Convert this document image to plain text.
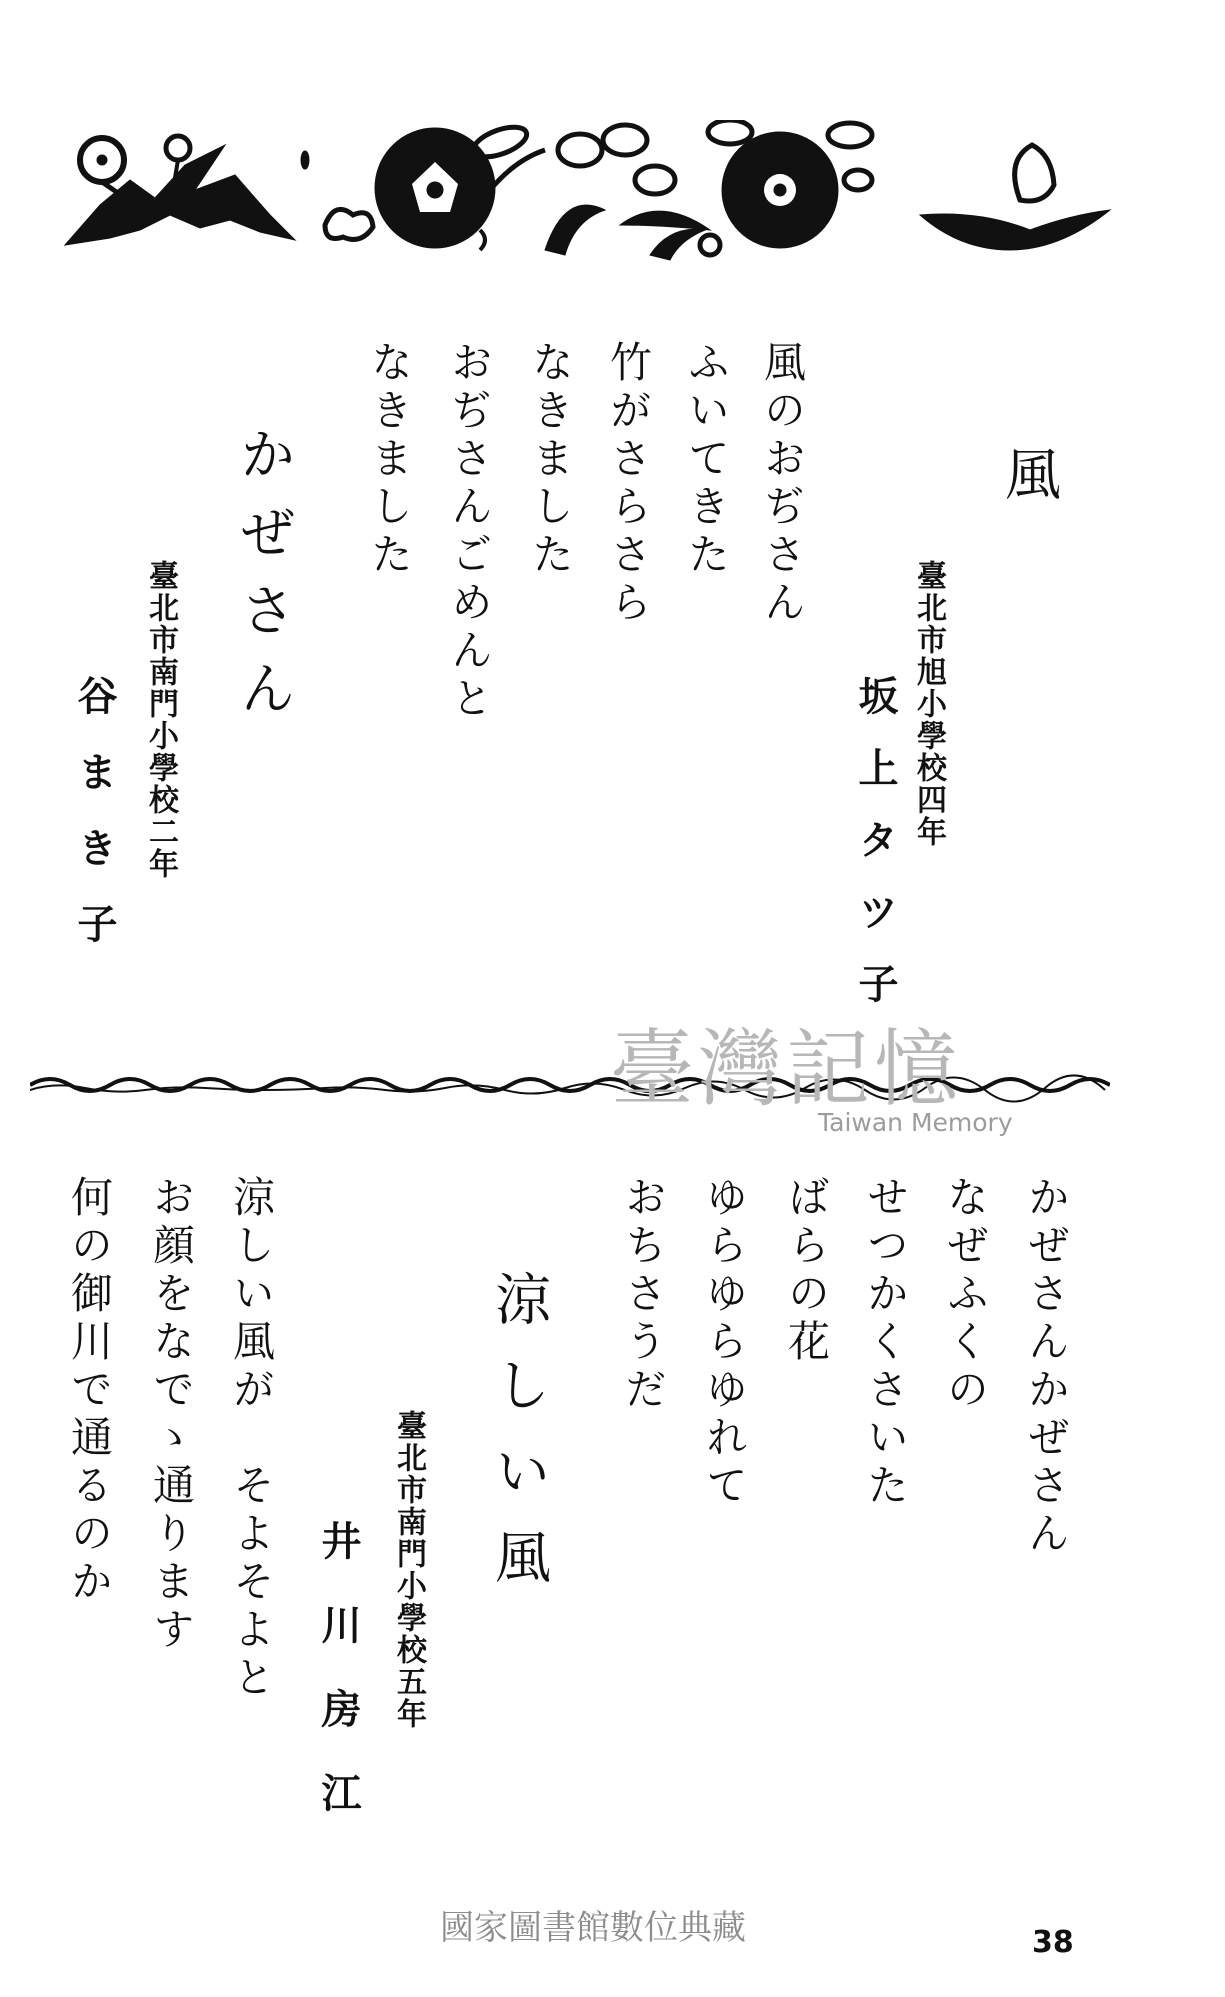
風
臺北市旭小學校四年
坂上タツ子
風のおぢさん
ふいてきた
竹がさらさら
なきました
おぢさんごめんと
なきました
かぜさん
臺北市南門小學校二年
谷まき子
臺灣記憶
Taiwan Memory
かぜさんかぜさん
なぜふくの
せつかくさいた
ばらの花
ゆらゆらゆれて
おちさうだ
涼しい風
臺北市南門小學校五年
井川房江
涼しい風が　そよそよと
お顔をなでゝ通ります
何の御川で通るのか
國家圖書館數位典藏	38
